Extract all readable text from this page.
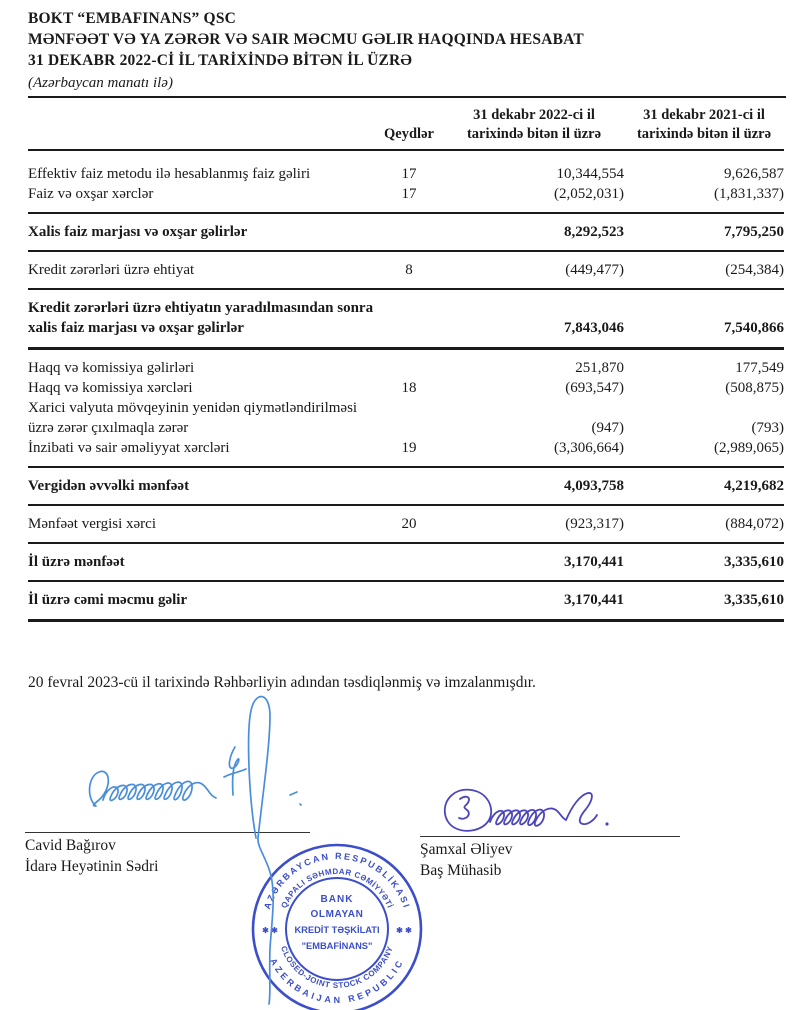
BOKT “EMBAFINANS” QSC
MƏNFƏƏT VƏ YA ZƏRƏR VƏ SAIR MƏCMU GƏLIR HAQQINDA HESABAT
31 DEKABR 2022-Cİ İL TARİXİNDƏ BİTƏN İL ÜZRƏ
(Azərbaycan manatı ilə)
	Qeydlər	31 dekabr 2022-ci il tarixində bitən il üzrə	31 dekabr 2021-ci il tarixində bitən il üzrə
Effektiv faiz metodu ilə hesablanmış faiz gəliri	17	10,344,554	9,626,587
Faiz və oxşar xərclər	17	(2,052,031)	(1,831,337)
Xalis faiz marjası və oxşar gəlirlər		8,292,523	7,795,250
Kredit zərərləri üzrə ehtiyat	8	(449,477)	(254,384)
Kredit zərərləri üzrə ehtiyatın yaradılmasından sonra xalis faiz marjası və oxşar gəlirlər		7,843,046	7,540,866
Haqq və komissiya gəlirləri		251,870	177,549
Haqq və komissiya xərcləri	18	(693,547)	(508,875)
Xarici valyuta mövqeyinin yenidən qiymətləndirilməsi üzrə zərər çıxılmaqla zərər		(947)	(793)
İnzibati və sair əməliyyat xərcləri	19	(3,306,664)	(2,989,065)
Vergidən əvvəlki mənfəət		4,093,758	4,219,682
Mənfəət vergisi xərci	20	(923,317)	(884,072)
İl üzrə mənfəət		3,170,441	3,335,610
İl üzrə cəmi məcmu gəlir		3,170,441	3,335,610
20 fevral 2023-cü il tarixində Rəhbərliyin adından təsdiqlənmiş və imzalanmışdır.
Cavid Bağırov
İdarə Heyətinin Sədri
Şamxal Əliyev
Baş Mühasib
AZƏRBAYCAN RESPUBLİKASI
QAPALI SƏHMDAR CƏMİYYƏTİ
AZERBAIJAN REPUBLIC
CLOSED-JOINT STOCK COMPANY
BANK
OLMAYAN
KREDİT TƏŞKİLATI
"EMBAFİNANS"
✱ ✱	✱ ✱
